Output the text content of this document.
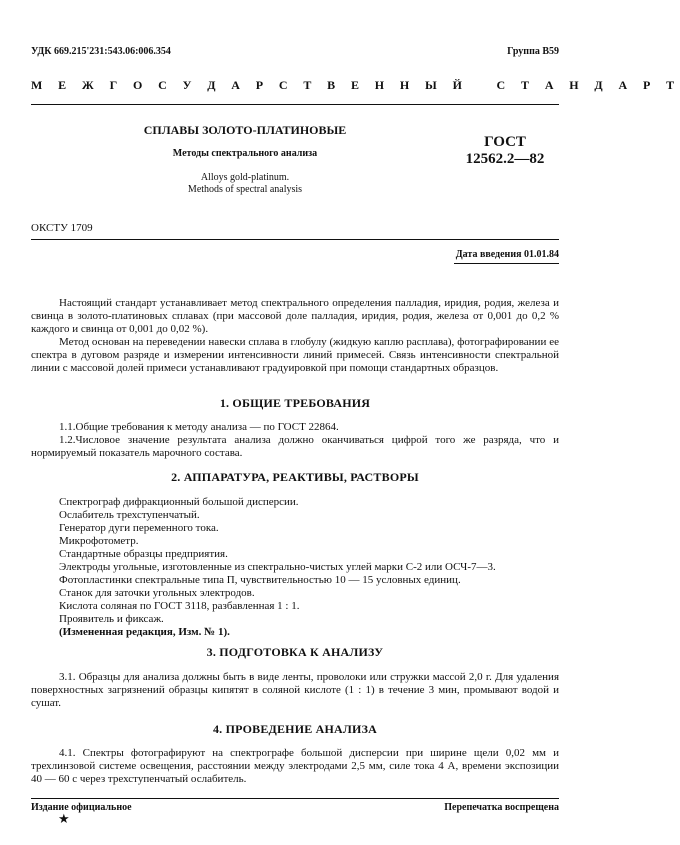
УДК 669.215'231:543.06:006.354	Группа В59
М Е Ж Г О С У Д А Р С Т В Е Н Н Ы Й   С Т А Н Д А Р Т
СПЛАВЫ ЗОЛОТО-ПЛАТИНОВЫЕ
Методы спектрального анализа
Alloys gold-platinum.
Methods of spectral analysis
ГОСТ
12562.2—82
ОКСТУ 1709
Дата введения 01.01.84
Настоящий стандарт устанавливает метод спектрального определения палладия, иридия, родия, железа и свинца в золото-платиновых сплавах (при массовой доле палладия, иридия, родия, железа от 0,001 до 0,2 % каждого и свинца от 0,001 до 0,02 %).
Метод основан на переведении навески сплава в глобулу (жидкую каплю расплава), фотографировании ее спектра в дуговом разряде и измерении интенсивности линий примесей. Связь интенсивности спектральной линии с массовой долей примеси устанавливают градуировкой при помощи стандартных образцов.
1. ОБЩИЕ ТРЕБОВАНИЯ
1.1.Общие требования к методу анализа — по ГОСТ 22864.
1.2.Числовое значение результата анализа должно оканчиваться цифрой того же разряда, что и нормируемый показатель марочного состава.
2. АППАРАТУРА, РЕАКТИВЫ, РАСТВОРЫ
Спектрограф дифракционный большой дисперсии.
Ослабитель трехступенчатый.
Генератор дуги переменного тока.
Микрофотометр.
Стандартные образцы предприятия.
Электроды угольные, изготовленные из спектрально-чистых углей марки С-2 или ОСЧ-7—3.
Фотопластинки спектральные типа П, чувствительностью 10 — 15 условных единиц.
Станок для заточки угольных электродов.
Кислота соляная по ГОСТ 3118, разбавленная 1 : 1.
Проявитель и фиксаж.
(Измененная редакция, Изм. № 1).
3. ПОДГОТОВКА К АНАЛИЗУ
3.1. Образцы для анализа должны быть в виде ленты, проволоки или стружки массой 2,0 г. Для удаления поверхностных загрязнений образцы кипятят в соляной кислоте (1 : 1) в течение 3 мин, промывают водой и сушат.
4. ПРОВЕДЕНИЕ АНАЛИЗА
4.1. Спектры фотографируют на спектрографе большой дисперсии при ширине щели 0,02 мм и трехлинзовой системе освещения, расстоянии между электродами 2,5 мм, силе тока 4 А, времени экспозиции 40 — 60 с через трехступенчатый ослабитель.
Издание официальное	Перепечатка воспрещена
★
